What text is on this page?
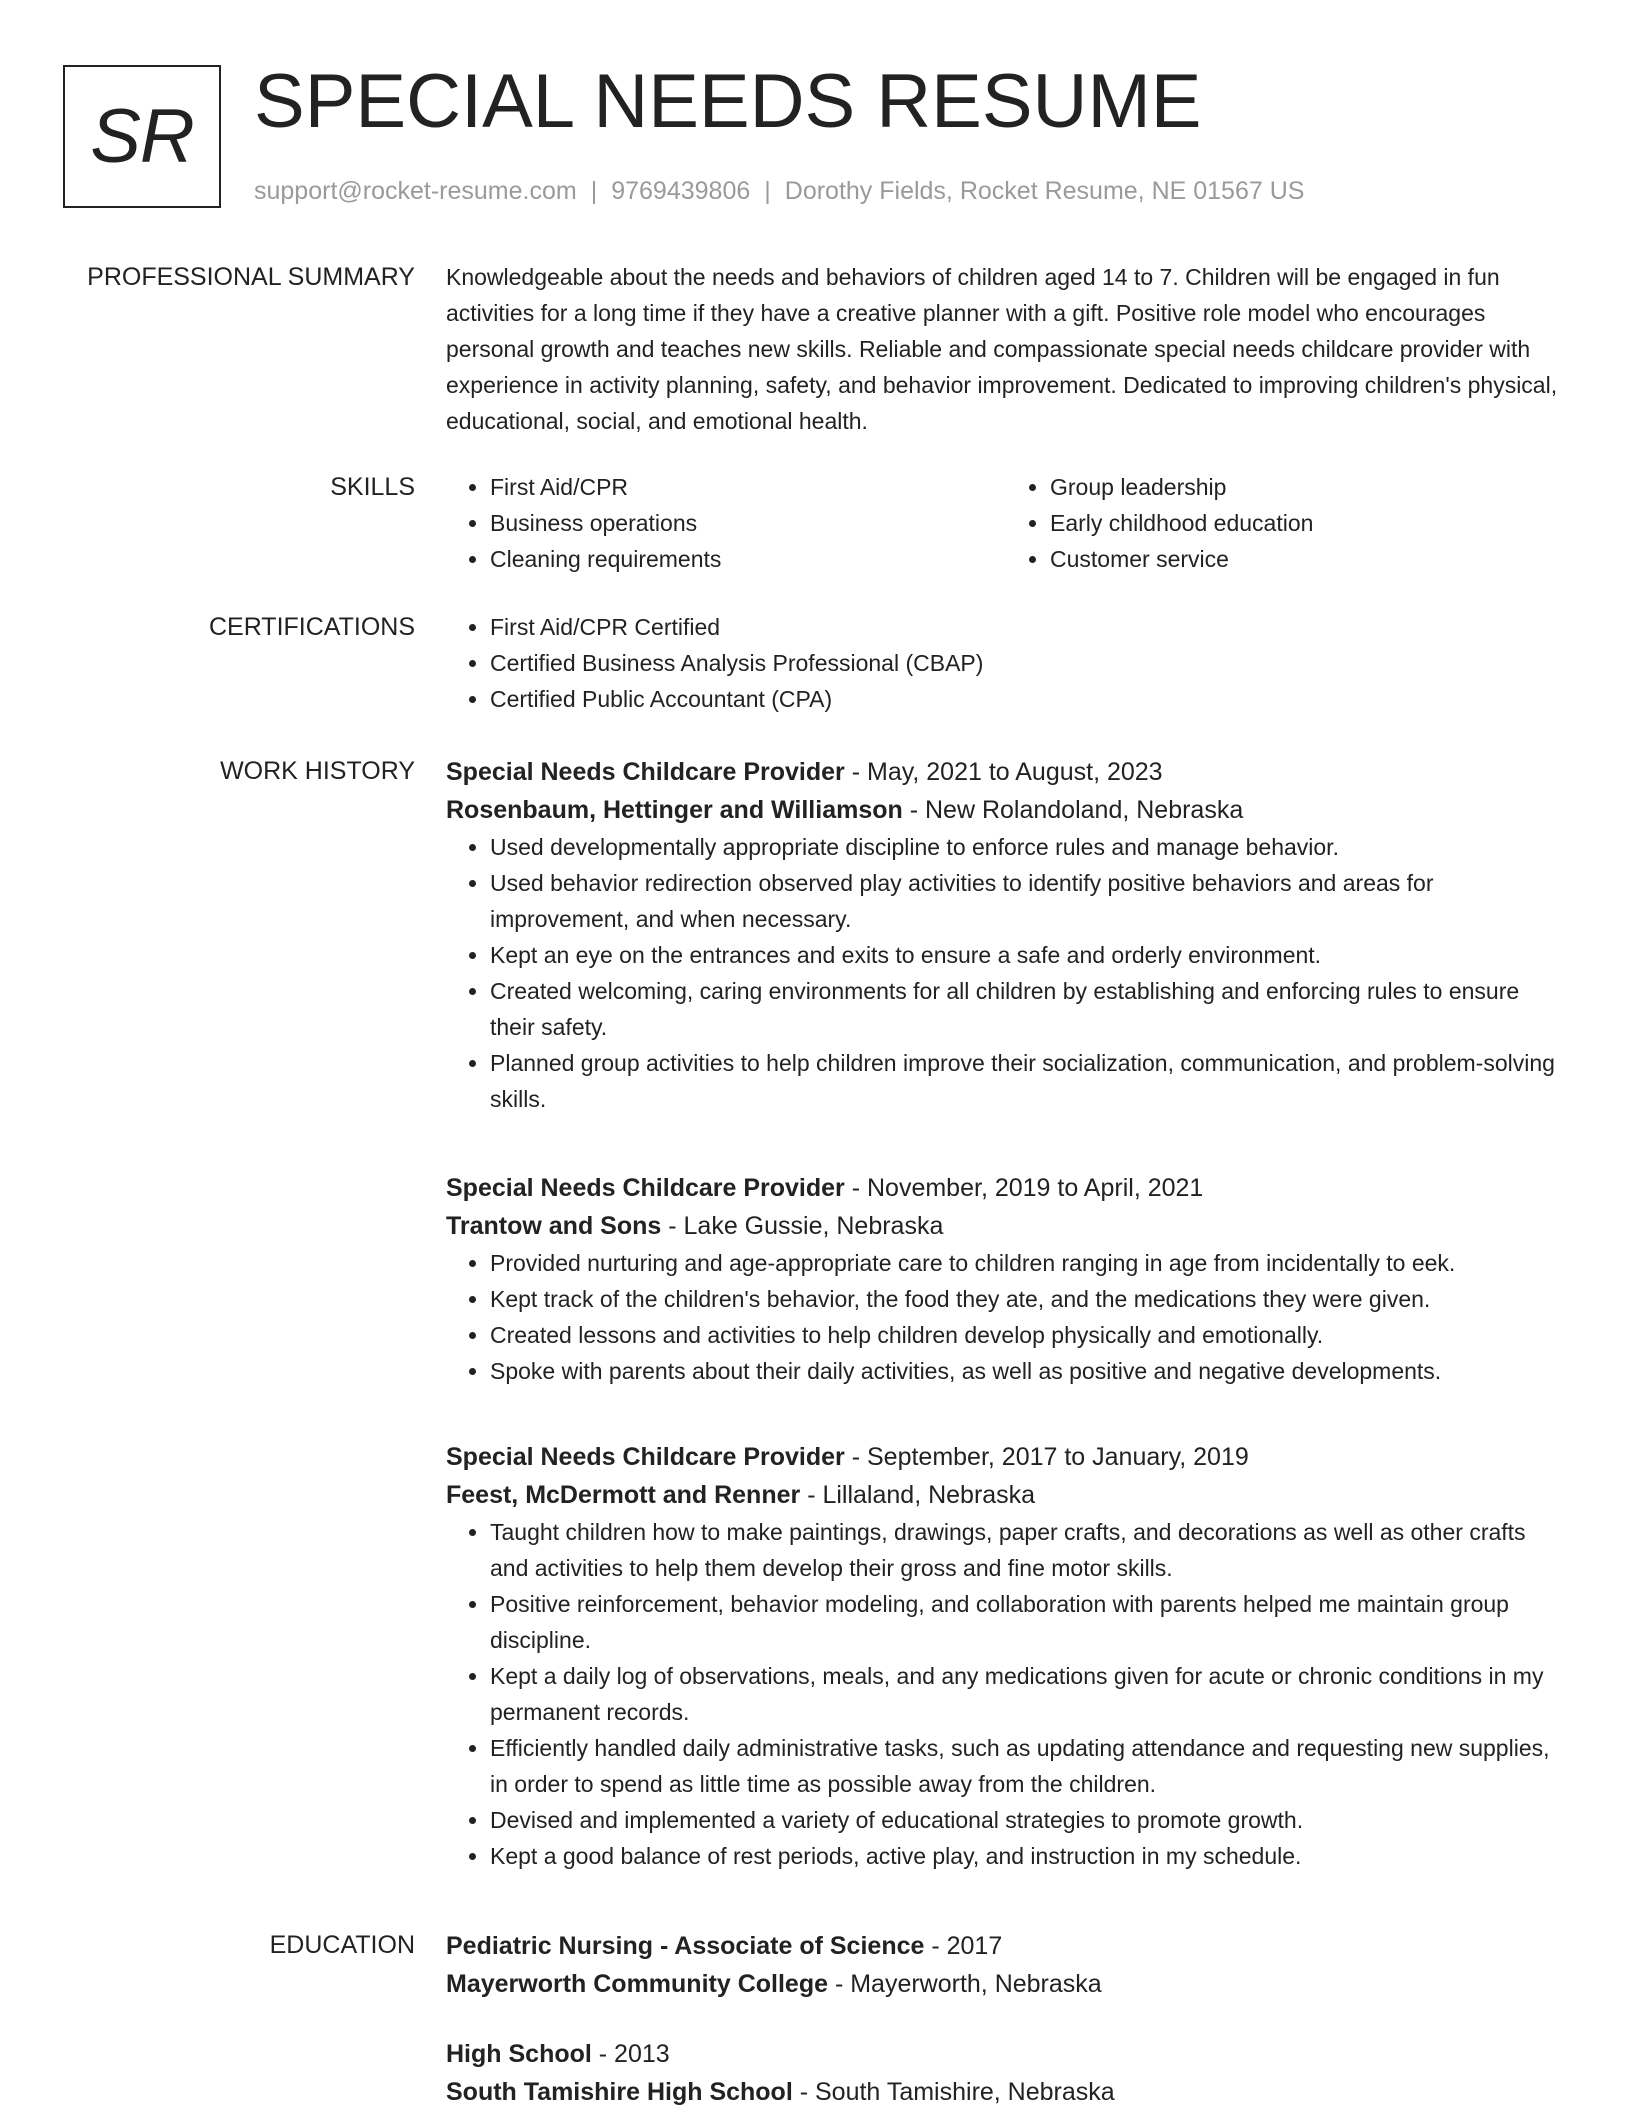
SR SPECIAL NEEDS RESUME
support@rocket-resume.com | 9769439806 | Dorothy Fields, Rocket Resume, NE 01567 US
PROFESSIONAL SUMMARY Knowledgeable about the needs and behaviors of children aged 14 to 7. Children will be engaged in fun activities for a long time if they have a creative planner with a gift. Positive role model who encourages personal growth and teaches new skills. Reliable and compassionate special needs childcare provider with experience in activity planning, safety, and behavior improvement. Dedicated to improving children's physical, educational, social, and emotional health.

SKILLS	• First Aid/CPR
• Business operations
• Cleaning requirements
• Group leadership
• Early childhood education
• Customer service
CERTIFICATIONS	• First Aid/CPR Certified
• Certified Business Analysis Professional (CBAP)
• Certified Public Accountant (CPA)
WORK HISTORY Special Needs Childcare Provider - May, 2021 to August, 2023
Rosenbaum, Hettinger and Williamson - New Rolandoland, Nebraska
• Used developmentally appropriate discipline to enforce rules and manage behavior.
• Used behavior redirection observed play activities to identify positive behaviors and areas for improvement, and when necessary.
• Kept an eye on the entrances and exits to ensure a safe and orderly environment.
• Created welcoming, caring environments for all children by establishing and enforcing rules to ensure their safety.
• Planned group activities to help children improve their socialization, communication, and problem-solving skills.
Special Needs Childcare Provider - November, 2019 to April, 2021
Trantow and Sons - Lake Gussie, Nebraska
• Provided nurturing and age-appropriate care to children ranging in age from incidentally to eek.
• Kept track of the children's behavior, the food they ate, and the medications they were given.
• Created lessons and activities to help children develop physically and emotionally.
• Spoke with parents about their daily activities, as well as positive and negative developments.
Special Needs Childcare Provider - September, 2017 to January, 2019
Feest, McDermott and Renner - Lillaland, Nebraska
• Taught children how to make paintings, drawings, paper crafts, and decorations as well as other crafts and activities to help them develop their gross and fine motor skills.
• Positive reinforcement, behavior modeling, and collaboration with parents helped me maintain group discipline.
• Kept a daily log of observations, meals, and any medications given for acute or chronic conditions in my permanent records.
• Efficiently handled daily administrative tasks, such as updating attendance and requesting new supplies, in order to spend as little time as possible away from the children.
• Devised and implemented a variety of educational strategies to promote growth.
• Kept a good balance of rest periods, active play, and instruction in my schedule.
EDUCATION Pediatric Nursing - Associate of Science - 2017
Mayerworth Community College - Mayerworth, Nebraska
High School - 2013
South Tamishire High School - South Tamishire, Nebraska
